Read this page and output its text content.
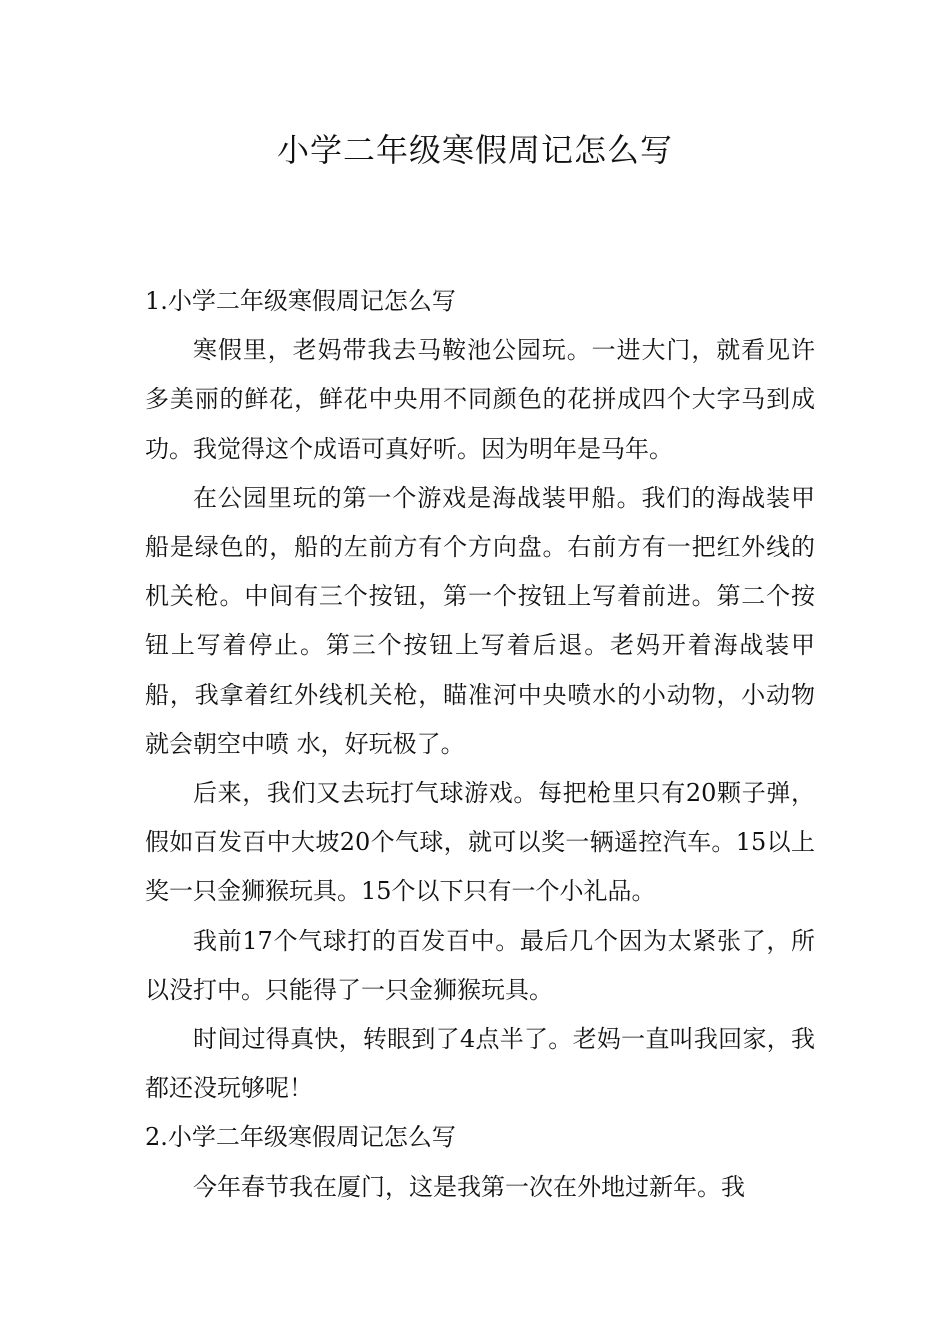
小学二年级寒假周记怎么写

1.小学二年级寒假周记怎么写

寒假里，老妈带我去马鞍池公园玩。一进大门，就看见许多美丽的鲜花，鲜花中央用不同颜色的花拼成四个大字马到成功。我觉得这个成语可真好听。因为明年是马年。

在公园里玩的第一个游戏是海战装甲船。我们的海战装甲船是绿色的，船的左前方有个方向盘。右前方有一把红外线的机关枪。中间有三个按钮，第一个按钮上写着前进。第二个按钮上写着停止。第三个按钮上写着后退。老妈开着海战装甲船，我拿着红外线机关枪，瞄准河中央喷水的小动物，小动物就会朝空中喷 水，好玩极了。

后来，我们又去玩打气球游戏。每把枪里只有20颗子弹，假如百发百中大坡20个气球，就可以奖一辆遥控汽车。15以上奖一只金狮猴玩具。15个以下只有一个小礼品。

我前17个气球打的百发百中。最后几个因为太紧张了，所以没打中。只能得了一只金狮猴玩具。

时间过得真快，转眼到了4点半了。老妈一直叫我回家，我都还没玩够呢！

2.小学二年级寒假周记怎么写

今年春节我在厦门，这是我第一次在外地过新年。我
